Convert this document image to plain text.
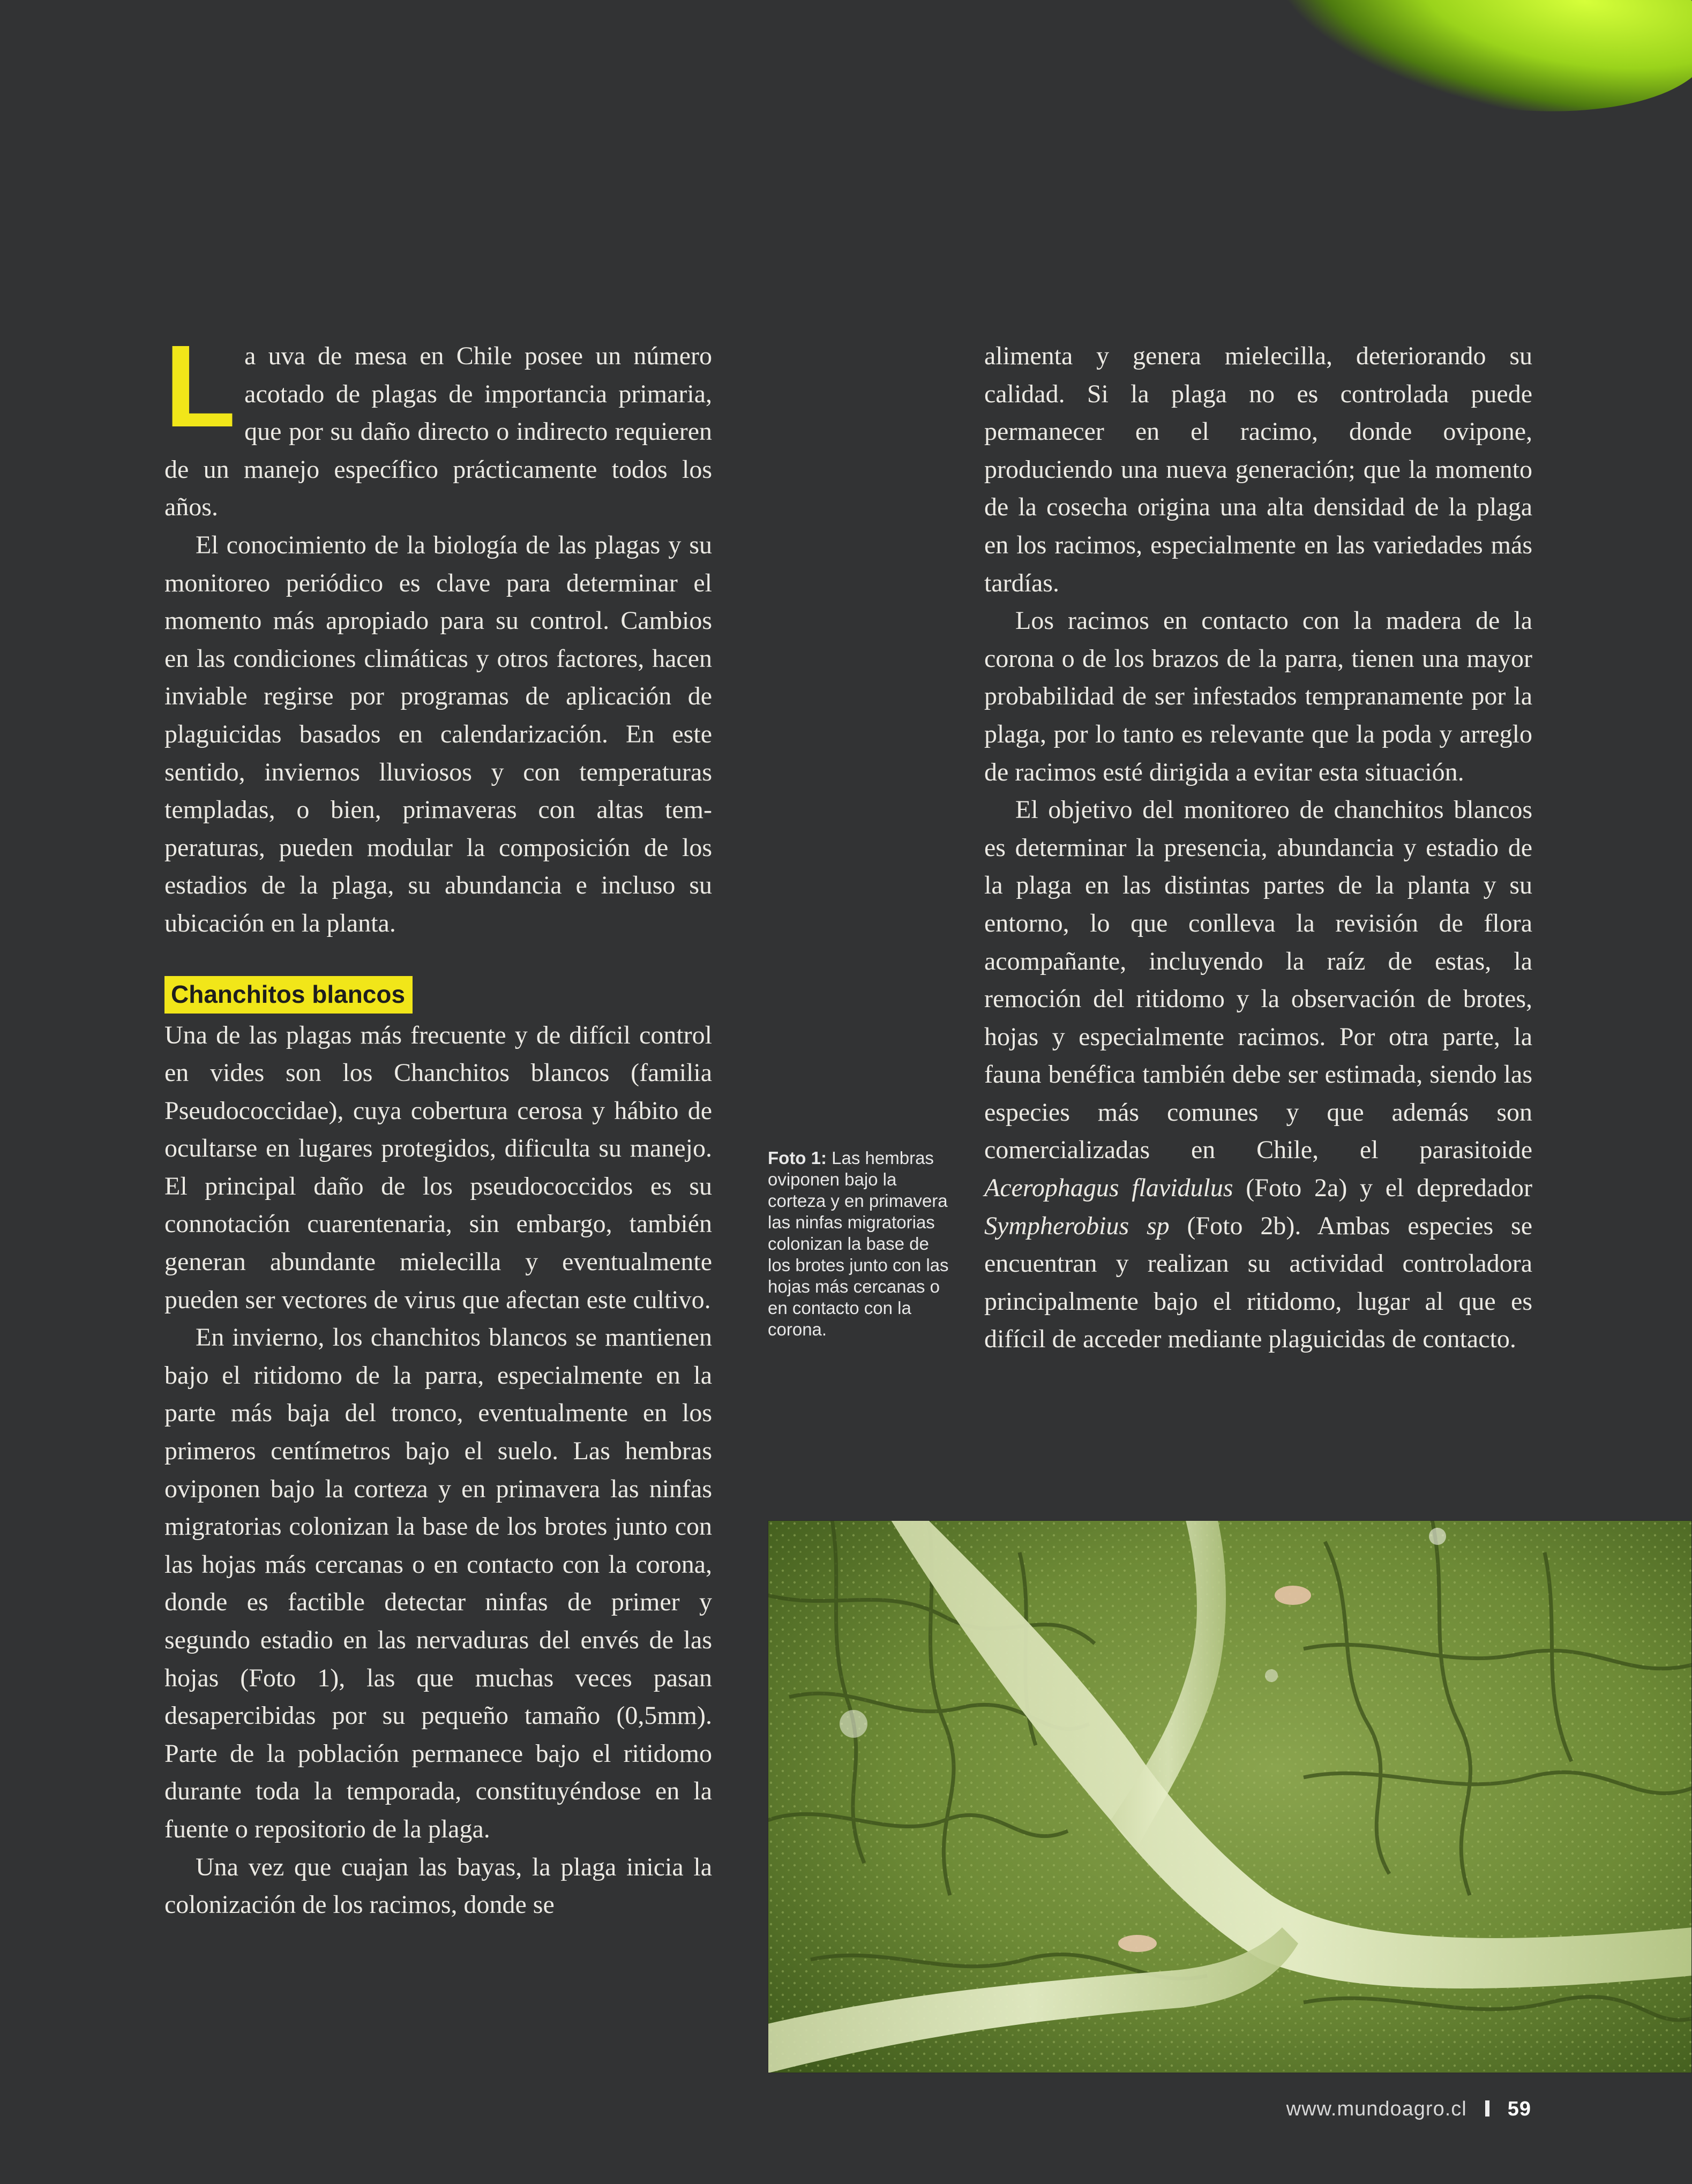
La uva de mesa en Chile posee un número acotado de plagas de importancia primaria, que por su daño directo o indirecto requieren de un manejo específico prácticamente todos los años.

El conocimiento de la biología de las plagas y su monitoreo periódico es clave para determinar el momento más apropiado para su control. Cambios en las condiciones climáticas y otros factores, hacen inviable regirse por programas de aplicación de plaguicidas basados en calendarización. En este sentido, inviernos lluviosos y con temperaturas templadas, o bien, primaveras con altas temperaturas, pueden modular la composición de los estadios de la plaga, su abundancia e incluso su ubicación en la planta.

Chanchitos blancos

Una de las plagas más frecuente y de difícil control en vides son los Chanchitos blancos (familia Pseudococcidae), cuya cobertura cerosa y hábito de ocultarse en lugares protegidos, dificulta su manejo. El principal daño de los pseudococcidos es su connotación cuarentenaria, sin embargo, también generan abundante mielecilla y eventualmente pueden ser vectores de virus que afectan este cultivo.

En invierno, los chanchitos blancos se mantienen bajo el ritidomo de la parra, especialmente en la parte más baja del tronco, eventualmente en los primeros centímetros bajo el suelo. Las hembras oviponen bajo la corteza y en primavera las ninfas migratorias colonizan la base de los brotes junto con las hojas más cercanas o en contacto con la corona, donde es factible detectar ninfas de primer y segundo estadio en las nervaduras del envés de las hojas (Foto 1), las que muchas veces pasan desapercibidas por su pequeño tamaño (0,5mm). Parte de la población permanece bajo el ritidomo durante toda la temporada, constituyéndose en la fuente o repositorio de la plaga.

Una vez que cuajan las bayas, la plaga inicia la colonización de los racimos, donde se

alimenta y genera mielecilla, deteriorando su calidad. Si la plaga no es controlada puede permanecer en el racimo, donde ovipone, produciendo una nueva generación; que la momento de la cosecha origina una alta densidad de la plaga en los racimos, especialmente en las variedades más tardías.

Los racimos en contacto con la madera de la corona o de los brazos de la parra, tienen una mayor probabilidad de ser infestados tempranamente por la plaga, por lo tanto es relevante que la poda y arreglo de racimos esté dirigida a evitar esta situación.

El objetivo del monitoreo de chanchitos blancos es determinar la presencia, abundancia y estadio de la plaga en las distintas partes de la planta y su entorno, lo que conlleva la revisión de flora acompañante, incluyendo la raíz de estas, la remoción del ritidomo y la observación de brotes, hojas y especialmente racimos. Por otra parte, la fauna benéfica también debe ser estimada, siendo las especies más comunes y que además son comercializadas en Chile, el parasitoide Acerophagus flavidulus (Foto 2a) y el depredador Sympherobius sp (Foto 2b). Ambas especies se encuentran y realizan su actividad controladora principalmente bajo el ritidomo, lugar al que es difícil de acceder mediante plaguicidas de contacto.

Foto 1: Las hembras oviponen bajo la corteza y en primavera las ninfas migratorias colonizan la base de los brotes junto con las hojas más cercanas o en contacto con la corona.
www.mundoagro.cl 59
